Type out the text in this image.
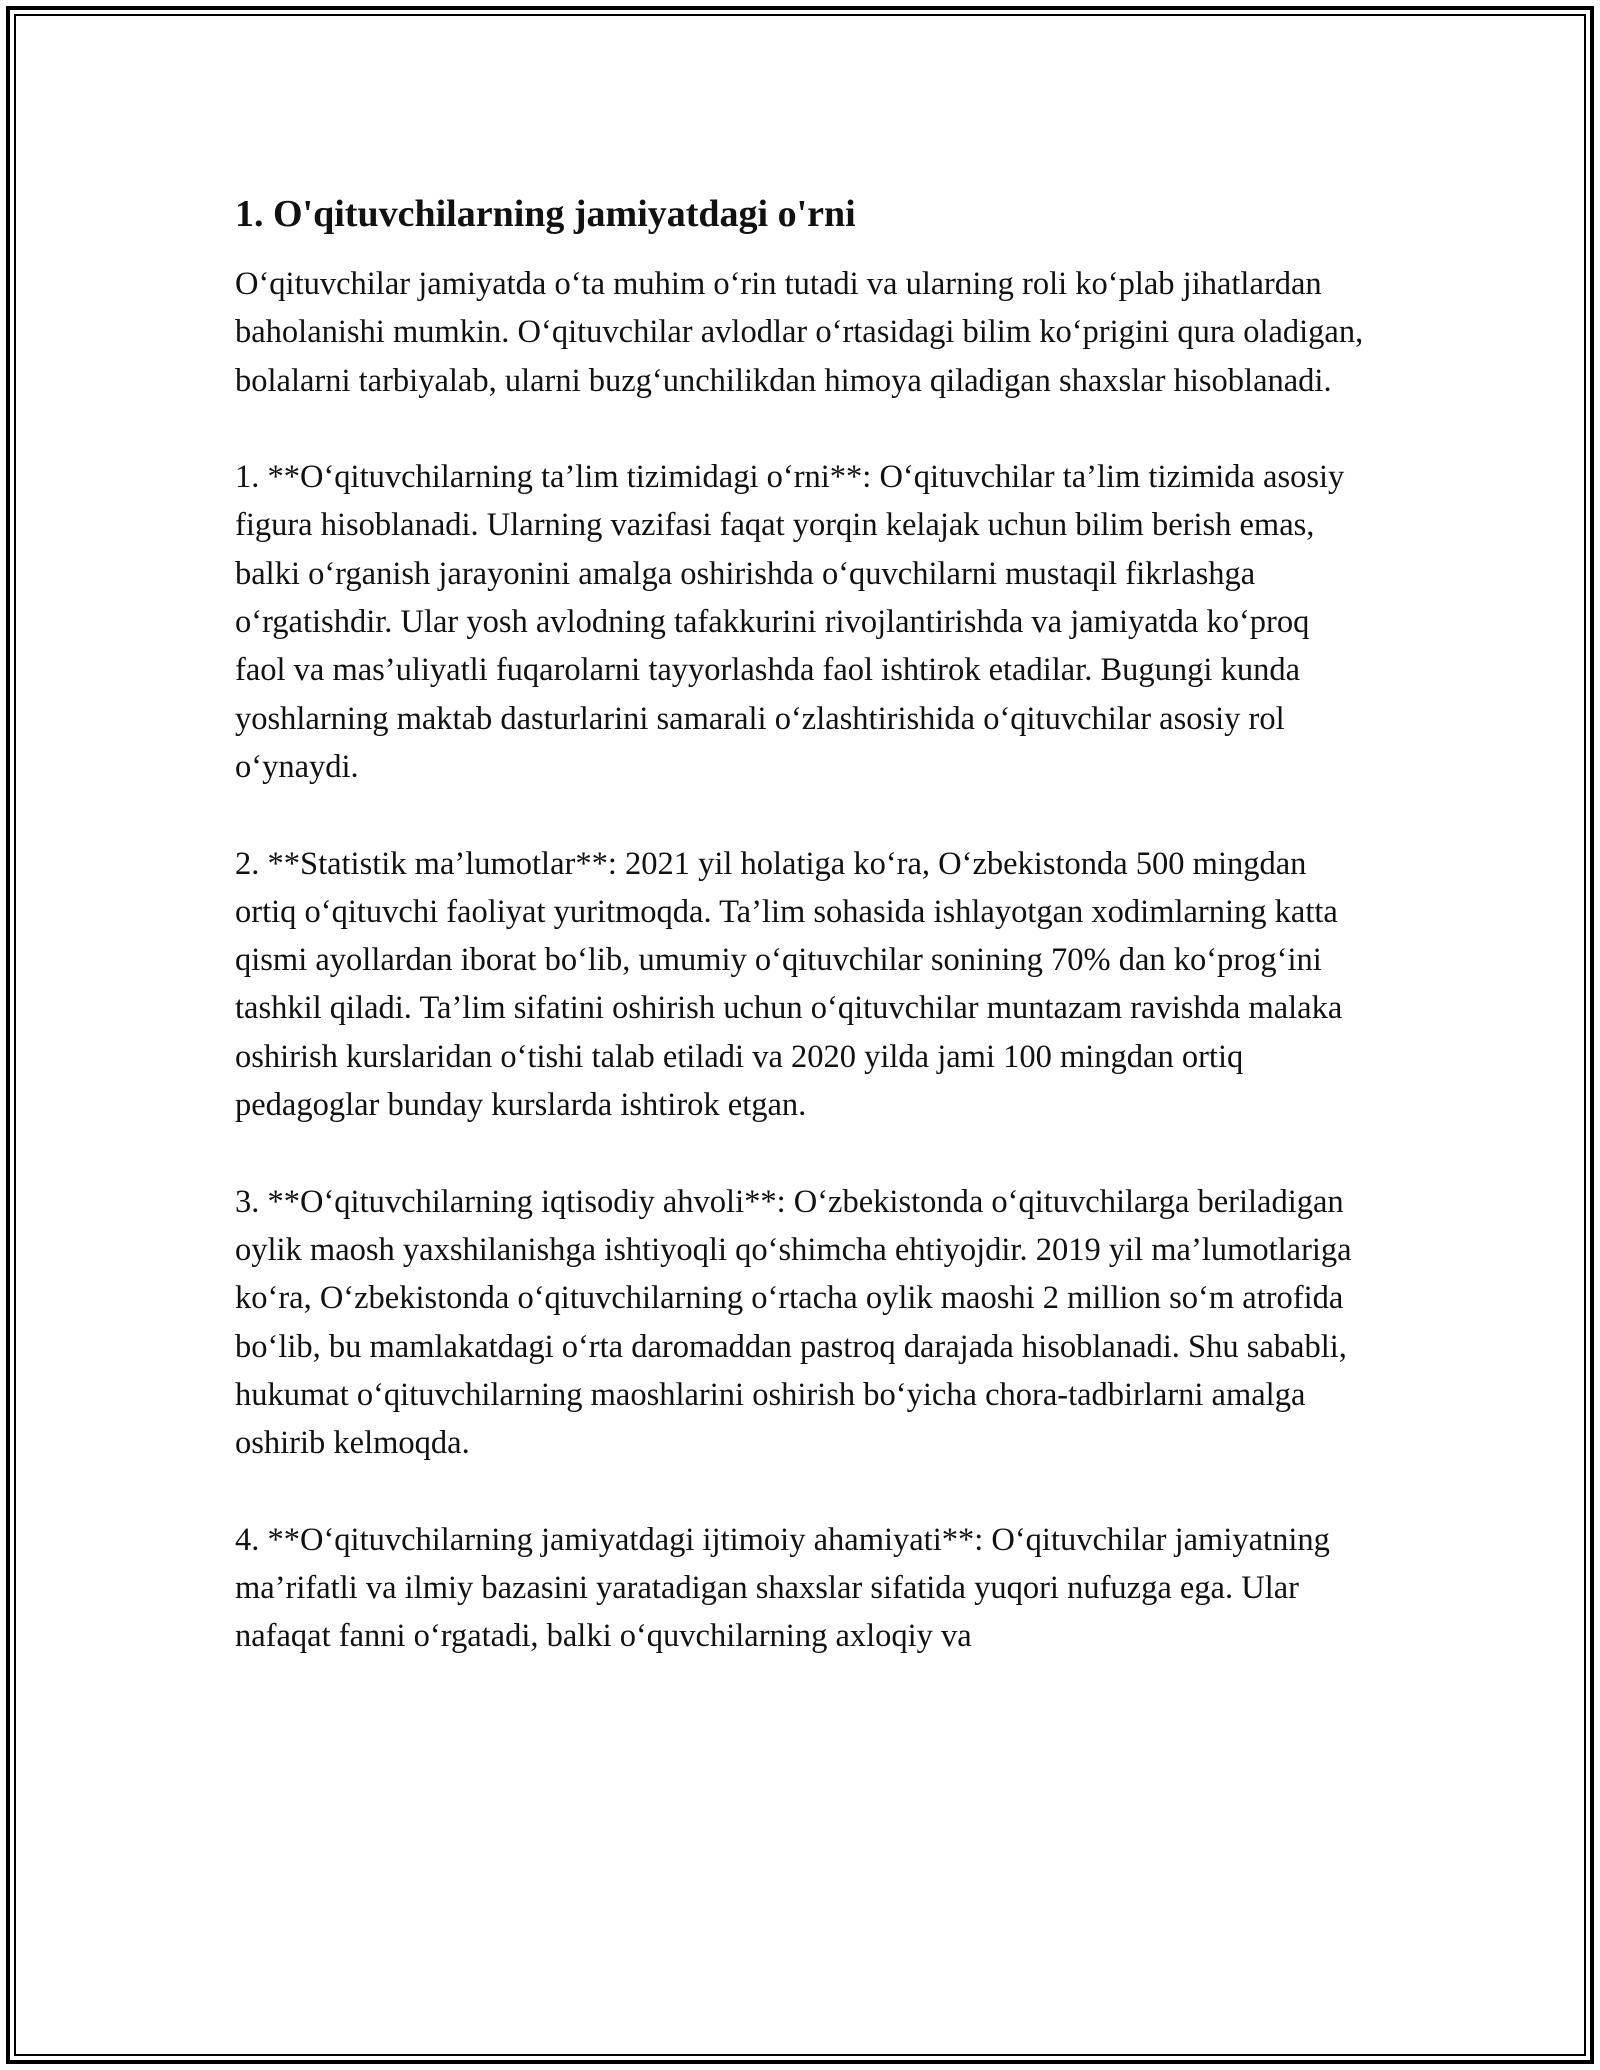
1. O'qituvchilarning jamiyatdagi o'rni

O‘qituvchilar jamiyatda o‘ta muhim o‘rin tutadi va ularning roli ko‘plab jihatlardan baholanishi mumkin. O‘qituvchilar avlodlar o‘rtasidagi bilim ko‘prigini qura oladigan, bolalarni tarbiyalab, ularni buzg‘unchilikdan himoya qiladigan shaxslar hisoblanadi.

1. **O‘qituvchilarning ta’lim tizimidagi o‘rni**: O‘qituvchilar ta’lim tizimida asosiy figura hisoblanadi. Ularning vazifasi faqat yorqin kelajak uchun bilim berish emas, balki o‘rganish jarayonini amalga oshirishda o‘quvchilarni mustaqil fikrlashga o‘rgatishdir. Ular yosh avlodning tafakkurini rivojlantirishda va jamiyatda ko‘proq faol va mas’uliyatli fuqarolarni tayyorlashda faol ishtirok etadilar. Bugungi kunda yoshlarning maktab dasturlarini samarali o‘zlashtirishida o‘qituvchilar asosiy rol o‘ynaydi.

2. **Statistik ma’lumotlar**: 2021 yil holatiga ko‘ra, O‘zbekistonda 500 mingdan ortiq o‘qituvchi faoliyat yuritmoqda. Ta’lim sohasida ishlayotgan xodimlarning katta qismi ayollardan iborat bo‘lib, umumiy o‘qituvchilar sonining 70% dan ko‘prog‘ini tashkil qiladi. Ta’lim sifatini oshirish uchun o‘qituvchilar muntazam ravishda malaka oshirish kurslaridan o‘tishi talab etiladi va 2020 yilda jami 100 mingdan ortiq pedagoglar bunday kurslarda ishtirok etgan.

3. **O‘qituvchilarning iqtisodiy ahvoli**: O‘zbekistonda o‘qituvchilarga beriladigan oylik maosh yaxshilanishga ishtiyoqli qo‘shimcha ehtiyojdir. 2019 yil ma’lumotlariga ko‘ra, O‘zbekistonda o‘qituvchilarning o‘rtacha oylik maoshi 2 million so‘m atrofida bo‘lib, bu mamlakatdagi o‘rta daromaddan pastroq darajada hisoblanadi. Shu sababli, hukumat o‘qituvchilarning maoshlarini oshirish bo‘yicha chora-tadbirlarni amalga oshirib kelmoqda.

4. **O‘qituvchilarning jamiyatdagi ijtimoiy ahamiyati**: O‘qituvchilar jamiyatning ma’rifatli va ilmiy bazasini yaratadigan shaxslar sifatida yuqori nufuzga ega. Ular nafaqat fanni o‘rgatadi, balki o‘quvchilarning axloqiy va
